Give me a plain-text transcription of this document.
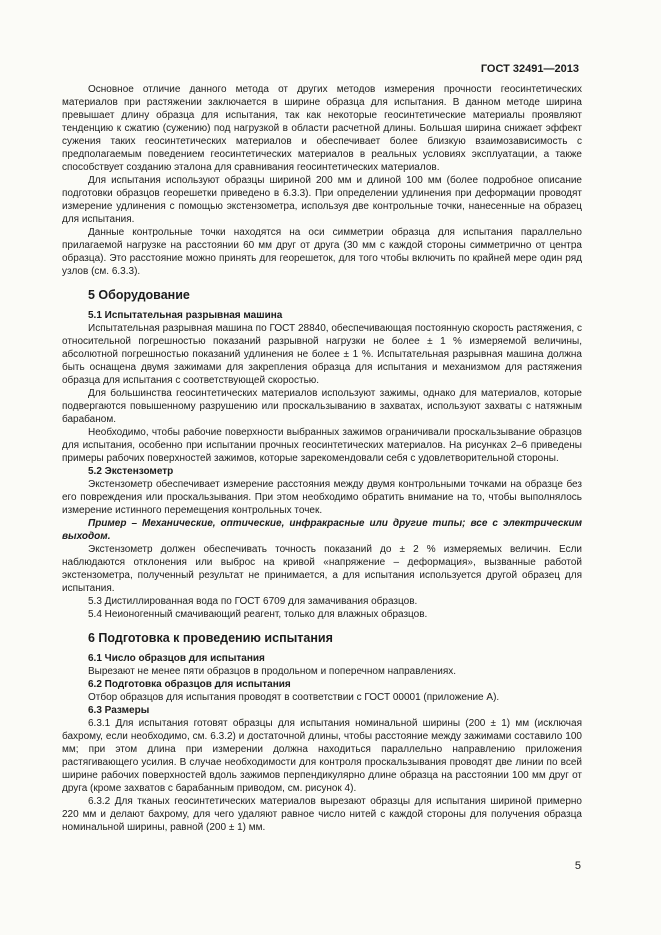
ГОСТ 32491—2013

Основное отличие данного метода от других методов измерения прочности геосинтетических материалов при растяжении заключается в ширине образца для испытания. В данном методе ширина превышает длину образца для испытания, так как некоторые геосинтетические материалы проявляют тенденцию к сжатию (сужению) под нагрузкой в области расчетной длины. Большая ширина снижает эффект сужения таких геосинтетических материалов и обеспечивает более близкую взаимозависимость с предполагаемым поведением геосинтетических материалов в реальных условиях эксплуатации, а также способствует созданию эталона для сравнивания геосинтетических материалов.

Для испытания используют образцы шириной 200 мм и длиной 100 мм (более подробное описание подготовки образцов георешетки приведено в 6.3.3). При определении удлинения при деформации проводят измерение удлинения с помощью экстензометра, используя две контрольные точки, нанесенные на образец для испытания.

Данные контрольные точки находятся на оси симметрии образца для испытания параллельно прилагаемой нагрузке на расстоянии 60 мм друг от друга (30 мм с каждой стороны симметрично от центра образца). Это расстояние можно принять для георешеток, для того чтобы включить по крайней мере один ряд узлов (см. 6.3.3).

5 Оборудование
5.1 Испытательная разрывная машина

Испытательная разрывная машина по ГОСТ 28840, обеспечивающая постоянную скорость растяжения, с относительной погрешностью показаний разрывной нагрузки не более ± 1 % измеряемой величины, абсолютной погрешностью показаний удлинения не более ± 1 %. Испытательная разрывная машина должна быть оснащена двумя зажимами для закрепления образца для испытания и механизмом для растяжения образца для испытания с соответствующей скоростью.

Для большинства геосинтетических материалов используют зажимы, однако для материалов, которые подвергаются повышенному разрушению или проскальзыванию в захватах, используют захваты с натяжным барабаном.

Необходимо, чтобы рабочие поверхности выбранных зажимов ограничивали проскальзывание образцов для испытания, особенно при испытании прочных геосинтетических материалов. На рисунках 2–6 приведены примеры рабочих поверхностей зажимов, которые зарекомендовали себя с удовлетворительной стороны.

5.2 Экстензометр

Экстензометр обеспечивает измерение расстояния между двумя контрольными точками на образце без его повреждения или проскальзывания. При этом необходимо обратить внимание на то, чтобы выполнялось измерение истинного перемещения контрольных точек.

Пример – Механические, оптические, инфракрасные или другие типы; все с электрическим выходом.

Экстензометр должен обеспечивать точность показаний до ± 2 % измеряемых величин. Если наблюдаются отклонения или выброс на кривой «напряжение – деформация», вызванные работой экстензометра, полученный результат не принимается, а для испытания используется другой образец для испытания.

5.3 Дистиллированная вода по ГОСТ 6709 для замачивания образцов.

5.4 Неионогенный смачивающий реагент, только для влажных образцов.

6 Подготовка к проведению испытания
6.1 Число образцов для испытания

Вырезают не менее пяти образцов в продольном и поперечном направлениях.

6.2 Подготовка образцов для испытания

Отбор образцов для испытания проводят в соответствии с ГОСТ 00001 (приложение А).

6.3 Размеры

6.3.1 Для испытания готовят образцы для испытания номинальной ширины (200 ± 1) мм (исключая бахрому, если необходимо, см. 6.3.2) и достаточной длины, чтобы расстояние между зажимами составило 100 мм; при этом длина при измерении должна находиться параллельно направлению приложения растягивающего усилия. В случае необходимости для контроля проскальзывания проводят две линии по всей ширине рабочих поверхностей вдоль зажимов перпендикулярно длине образца на расстоянии 100 мм друг от друга (кроме захватов с барабанным приводом, см. рисунок 4).

6.3.2 Для тканых геосинтетических материалов вырезают образцы для испытания шириной примерно 220 мм и делают бахрому, для чего удаляют равное число нитей с каждой стороны для получения образца номинальной ширины, равной (200 ± 1) мм.

5
